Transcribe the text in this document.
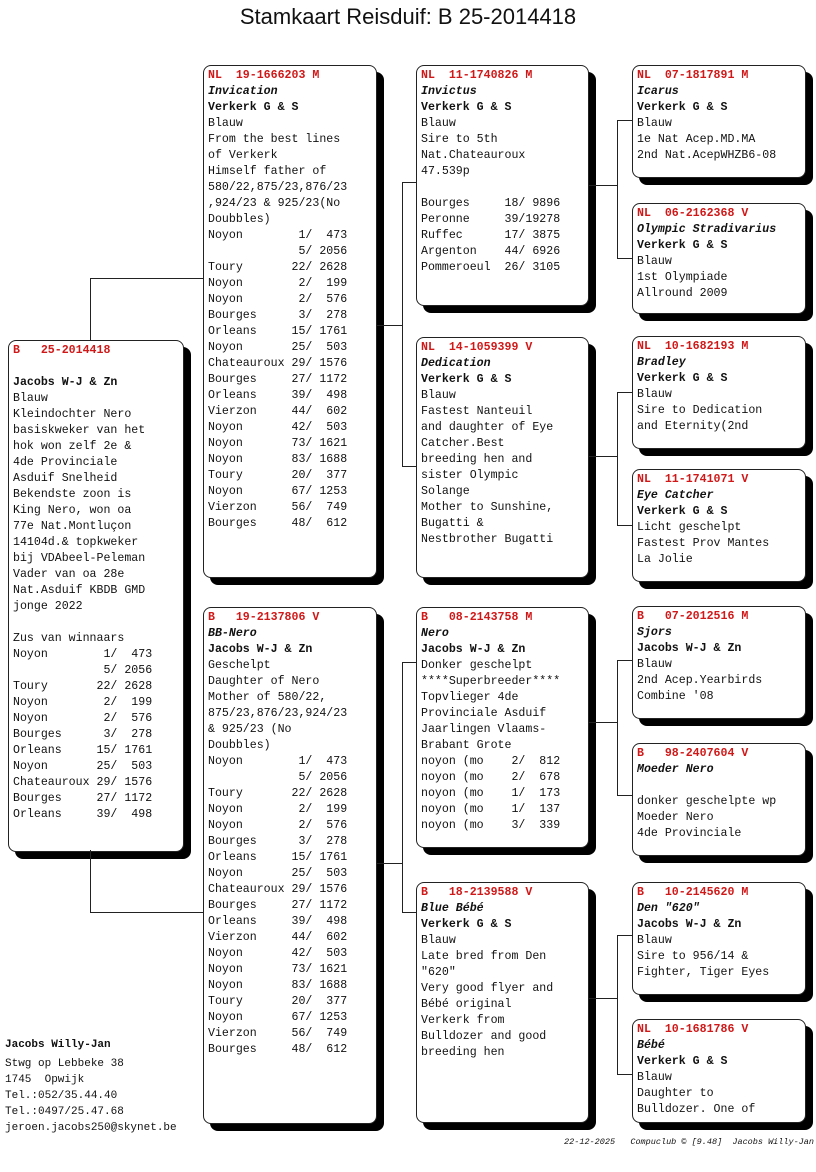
Stamkaart Reisduif: B 25-2014418
B   25-2014418
Jacobs W-J & Zn
Blauw
Kleindochter Nero
basiskweker van het
hok won zelf 2e &
4de Provinciale
Asduif Snelheid
Bekendste zoon is
King Nero, won oa
77e Nat.Montluçon
14104d.& topkweker
bij VDAbeel-Peleman
Vader van oa 28e
Nat.Asduif KBDB GMD
jonge 2022
Zus van winnaars
Noyon        1/  473
5/ 2056
Toury       22/ 2628
Noyon        2/  199
Noyon        2/  576
Bourges      3/  278
Orleans     15/ 1761
Noyon       25/  503
Chateauroux 29/ 1576
Bourges     27/ 1172
Orleans     39/  498
NL  19-1666203 M
Invication
Verkerk G & S
Blauw
From the best lines
of Verkerk
Himself father of
580/22,875/23,876/23
,924/23 & 925/23(No
Doubbles)
Noyon        1/  473
5/ 2056
Toury       22/ 2628
Noyon        2/  199
Noyon        2/  576
Bourges      3/  278
Orleans     15/ 1761
Noyon       25/  503
Chateauroux 29/ 1576
Bourges     27/ 1172
Orleans     39/  498
Vierzon     44/  602
Noyon       42/  503
Noyon       73/ 1621
Noyon       83/ 1688
Toury       20/  377
Noyon       67/ 1253
Vierzon     56/  749
Bourges     48/  612
B   19-2137806 V
BB-Nero
Jacobs W-J & Zn
Geschelpt
Daughter of Nero
Mother of 580/22,
875/23,876/23,924/23
& 925/23 (No
Doubbles)
Noyon        1/  473
5/ 2056
Toury       22/ 2628
Noyon        2/  199
Noyon        2/  576
Bourges      3/  278
Orleans     15/ 1761
Noyon       25/  503
Chateauroux 29/ 1576
Bourges     27/ 1172
Orleans     39/  498
Vierzon     44/  602
Noyon       42/  503
Noyon       73/ 1621
Noyon       83/ 1688
Toury       20/  377
Noyon       67/ 1253
Vierzon     56/  749
Bourges     48/  612
NL  11-1740826 M
Invictus
Verkerk G & S
Blauw
Sire to 5th
Nat.Chateauroux
47.539p
Bourges     18/ 9896
Peronne     39/19278
Ruffec      17/ 3875
Argenton    44/ 6926
Pommeroeul  26/ 3105
NL  14-1059399 V
Dedication
Verkerk G & S
Blauw
Fastest Nanteuil
and daughter of Eye
Catcher.Best
breeding hen and
sister Olympic
Solange
Mother to Sunshine,
Bugatti &
Nestbrother Bugatti
B   08-2143758 M
Nero
Jacobs W-J & Zn
Donker geschelpt
****Superbreeder****
Topvlieger 4de
Provinciale Asduif
Jaarlingen Vlaams-
Brabant Grote
noyon (mo    2/  812
noyon (mo    2/  678
noyon (mo    1/  173
noyon (mo    1/  137
noyon (mo    3/  339
B   18-2139588 V
Blue Bébé
Verkerk G & S
Blauw
Late bred from Den
"620"
Very good flyer and
Bébé original
Verkerk from
Bulldozer and good
breeding hen
NL  07-1817891 M
Icarus
Verkerk G & S
Blauw
1e Nat Acep.MD.MA
2nd Nat.AcepWHZB6-08
NL  06-2162368 V
Olympic Stradivarius
Verkerk G & S
Blauw
1st Olympiade
Allround 2009
NL  10-1682193 M
Bradley
Verkerk G & S
Blauw
Sire to Dedication
and Eternity(2nd
NL  11-1741071 V
Eye Catcher
Verkerk G & S
Licht geschelpt
Fastest Prov Mantes
La Jolie
B   07-2012516 M
Sjors
Jacobs W-J & Zn
Blauw
2nd Acep.Yearbirds
Combine '08
B   98-2407604 V
Moeder Nero
donker geschelpte wp
Moeder Nero
4de Provinciale
B   10-2145620 M
Den "620"
Jacobs W-J & Zn
Blauw
Sire to 956/14 &
Fighter, Tiger Eyes
NL  10-1681786 V
Bébé
Verkerk G & S
Blauw
Daughter to
Bulldozer. One of
Jacobs Willy-Jan
Stwg op Lebbeke 38
1745  Opwijk
Tel.:052/35.44.40
Tel.:0497/25.47.68
jeroen.jacobs250@skynet.be
22-12-2025   Compuclub © [9.48]  Jacobs Willy-Jan
